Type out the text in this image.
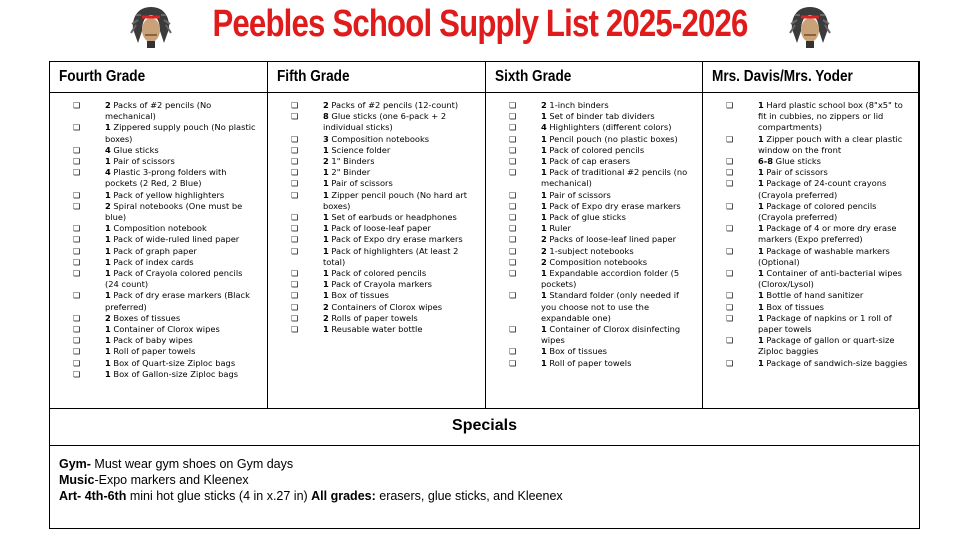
Peebles School Supply List 2025-2026
Fourth Grade
❏	2 Packs of #2 pencils (No mechanical)
❏	1 Zippered supply pouch (No plastic boxes)
❏	4 Glue sticks
❏	1 Pair of scissors
❏	4 Plastic 3-prong folders with pockets (2 Red, 2 Blue)
❏	1 Pack of yellow highlighters
❏	2 Spiral notebooks (One must be blue)
❏	1 Composition notebook
❏	1 Pack of wide-ruled lined paper
❏	1 Pack of graph paper
❏	1 Pack of index cards
❏	1 Pack of Crayola colored pencils (24 count)
❏	1 Pack of dry erase markers (Black preferred)
❏	2 Boxes of tissues
❏	1 Container of Clorox wipes
❏	1 Pack of baby wipes
❏	1 Roll of paper towels
❏	1 Box of Quart-size Ziploc bags
❏	1 Box of Gallon-size Ziploc bags
Fifth Grade
❏	2 Packs of #2 pencils (12-count)
❏	8 Glue sticks (one 6-pack + 2 individual sticks)
❏	3 Composition notebooks
❏	1 Science folder
❏	2 1" Binders
❏	1 2" Binder
❏	1 Pair of scissors
❏	1 Zipper pencil pouch (No hard art boxes)
❏	1 Set of earbuds or headphones
❏	1 Pack of loose-leaf paper
❏	1 Pack of Expo dry erase markers
❏	1 Pack of highlighters (At least 2 total)
❏	1 Pack of colored pencils
❏	1 Pack of Crayola markers
❏	1 Box of tissues
❏	2 Containers of Clorox wipes
❏	2 Rolls of paper towels
❏	1 Reusable water bottle
Sixth Grade
❏	2 1-inch binders
❏	1 Set of binder tab dividers
❏	4 Highlighters (different colors)
❏	1 Pencil pouch (no plastic boxes)
❏	1 Pack of colored pencils
❏	1 Pack of cap erasers
❏	1 Pack of traditional #2 pencils (no mechanical)
❏	1 Pair of scissors
❏	1 Pack of Expo dry erase markers
❏	1 Pack of glue sticks
❏	1 Ruler
❏	2 Packs of loose-leaf lined paper
❏	2 1-subject notebooks
❏	2 Composition notebooks
❏	1 Expandable accordion folder (5 pockets)
❏	1 Standard folder (only needed if you choose not to use the expandable one)
❏	1 Container of Clorox disinfecting wipes
❏	1 Box of tissues
❏	1 Roll of paper towels
Mrs. Davis/Mrs. Yoder
❏	1 Hard plastic school box (8"x5" to fit in cubbies, no zippers or lid compartments)
❏	1 Zipper pouch with a clear plastic window on the front
❏	6-8 Glue sticks
❏	1 Pair of scissors
❏	1 Package of 24-count crayons (Crayola preferred)
❏	1 Package of colored pencils (Crayola preferred)
❏	1 Package of 4 or more dry erase markers (Expo preferred)
❏	1 Package of washable markers (Optional)
❏	1 Container of anti-bacterial wipes (Clorox/Lysol)
❏	1 Bottle of hand sanitizer
❏	1 Box of tissues
❏	1 Package of napkins or 1 roll of paper towels
❏	1 Package of gallon or quart-size Ziploc baggies
❏	1 Package of sandwich-size baggies
Specials
Gym- Must wear gym shoes on Gym days
Music-Expo markers and Kleenex
Art- 4th-6th mini hot glue sticks (4 in x.27 in) All grades: erasers, glue sticks, and Kleenex
